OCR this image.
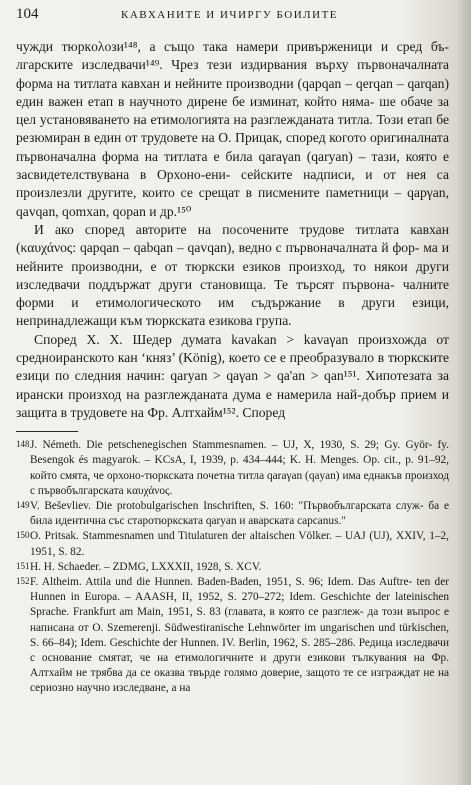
104	КАВХАНИТЕ И ИЧИРГУ БОИЛИТЕ

чужди тюркολοзи¹⁴⁸, а също така намери привърженици и сред бъ- лгарските изследвачи¹⁴⁹. Чрез тези издирвания върху първоначалната форма на титлата кавхан и нейните производни (qapqan – qerqan – qarqan) един важен етап в научното дирене бе изминат, който няма- ше обаче за цел установяването на етимологията на разглежданата титла. Този етап бе резюмиран в един от трудовете на О. Прицак, според когото оригиналната първоначална форма на титлата е била qaraγan (qaryan) – тази, която е засвидетелствувана в Орхоно-ени- сейските надписи, и от нея са произлезли другите, които се срещат в писмените паметници – qapγan, qavqan, qomxan, qopan и др.¹⁵⁰

И ако според авторите на посочените трудове титлата кавхан (καυχάνος: qapqan – qabqan – qavqan), ведно с първоначалната й фор- ма и нейните производни, е от тюркски езиков произход, то някои други изследвачи поддържат други становища. Те търсят първона- чалните форми и етимологическото им съдържание в други езици, непринадлежащи към тюркската езикова група.

Според Х. Х. Шедер думата kavakan > kavaγan произхожда от средноиранското кан ‘княз’ (König), което се е преобразувало в тюркските езици по следния начин: qaryan > qaγan > qa'an > qan¹⁵¹. Хипотезата за ирански произход на разглежданата дума е намерила най-добър прием и защита в трудовете на Фр. Алтхайм¹⁵². Според

148 J. Németh. Die petschenegischen Stammesnamen. – UJ, X, 1930, S. 29; Gy. Györ- fy. Besengok és magyarok. – KCsA, I, 1939, p. 434–444; K. H. Menges. Op. cit., p. 91–92, който смята, че орхоно-тюркската почетна титла qaraγan (qayan) има еднакъв произход с първобългарската καυχάνος.
149 V. Beševliev. Die protobulgarischen Inschriften, S. 160: "Първобългарската служ- ба е била идентична със старотюркската qaryan и аварската capcanus."
150 O. Pritsak. Stammesnamen und Titulaturen der altaischen Völker. – UAJ (UJ), XXIV, 1–2, 1951, S. 82.
151 H. H. Schaeder. – ZDMG, LXXXII, 1928, S. XCV.
152 F. Altheim. Attila und die Hunnen. Baden-Baden, 1951, S. 96; Idem. Das Auftre- ten der Hunnen in Europa. – AAASH, II, 1952, S. 270–272; Idem. Geschichte der lateinischen Sprache. Frankfurt am Main, 1951, S. 83 (главата, в която се разглеж- да този въпрос е написана от O. Szemerenji. Südwestiranische Lehnwörter im ungarischen und türkischen, S. 66–84); Idem. Geschichte der Hunnen. IV. Berlin, 1962, S. 285–286. Редица изследвачи с основание смятат, че на етимологичните и други езикови тълкувания на Фр. Алтхайм не трябва да се оказва твърде голямо доверие, защото те се изграждат не на сериозно научно изследване, а на
